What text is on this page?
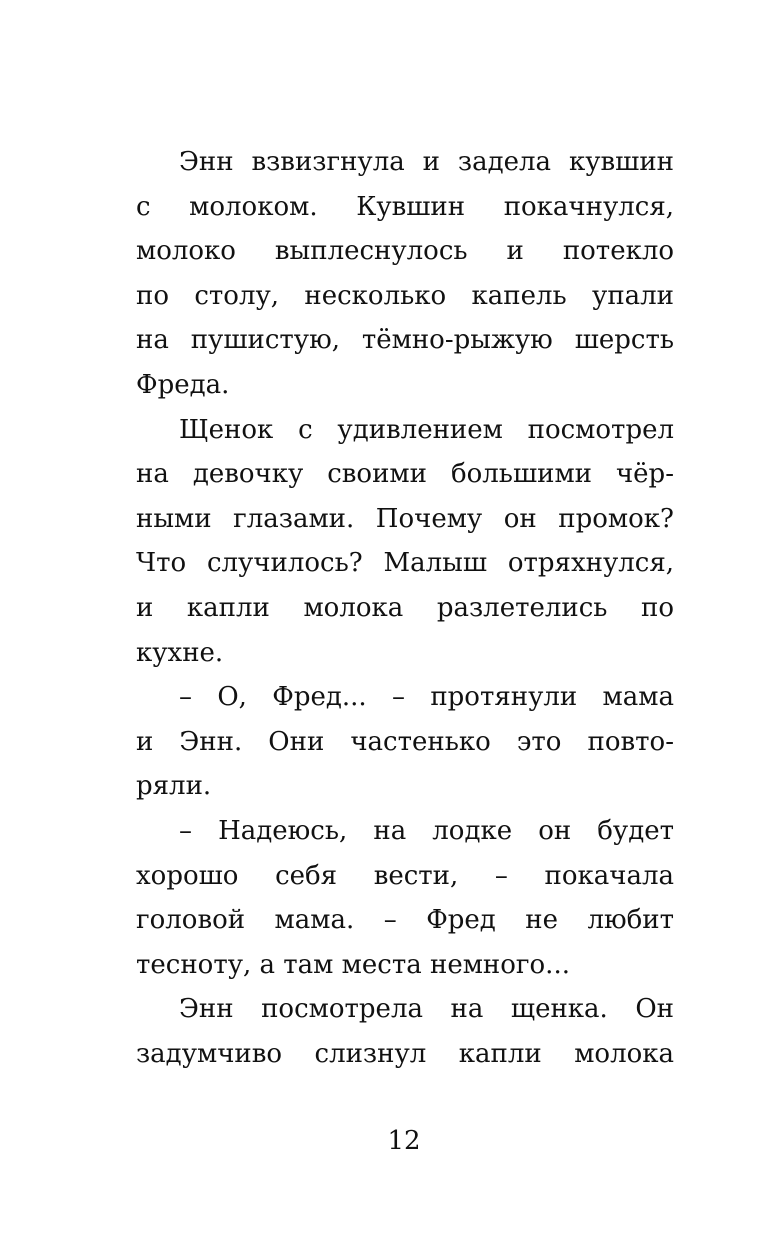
Энн взвизгнула и задела кувшин
с молоком. Кувшин покачнулся,
молоко выплеснулось и потекло
по столу, несколько капель упали
на пушистую, тёмно-рыжую шерсть
Фреда.
Щенок с удивлением посмотрел
на девочку своими большими чёр-
ными глазами. Почему он промок?
Что случилось? Малыш отряхнулся,
и капли молока разлетелись по
кухне.
– О, Фред... – протянули мама
и Энн. Они частенько это повто-
ряли.
– Надеюсь, на лодке он будет
хорошо себя вести, – покачала
головой мама. – Фред не любит
тесноту, а там места немного...
Энн посмотрела на щенка. Он
задумчиво слизнул капли молока
12
